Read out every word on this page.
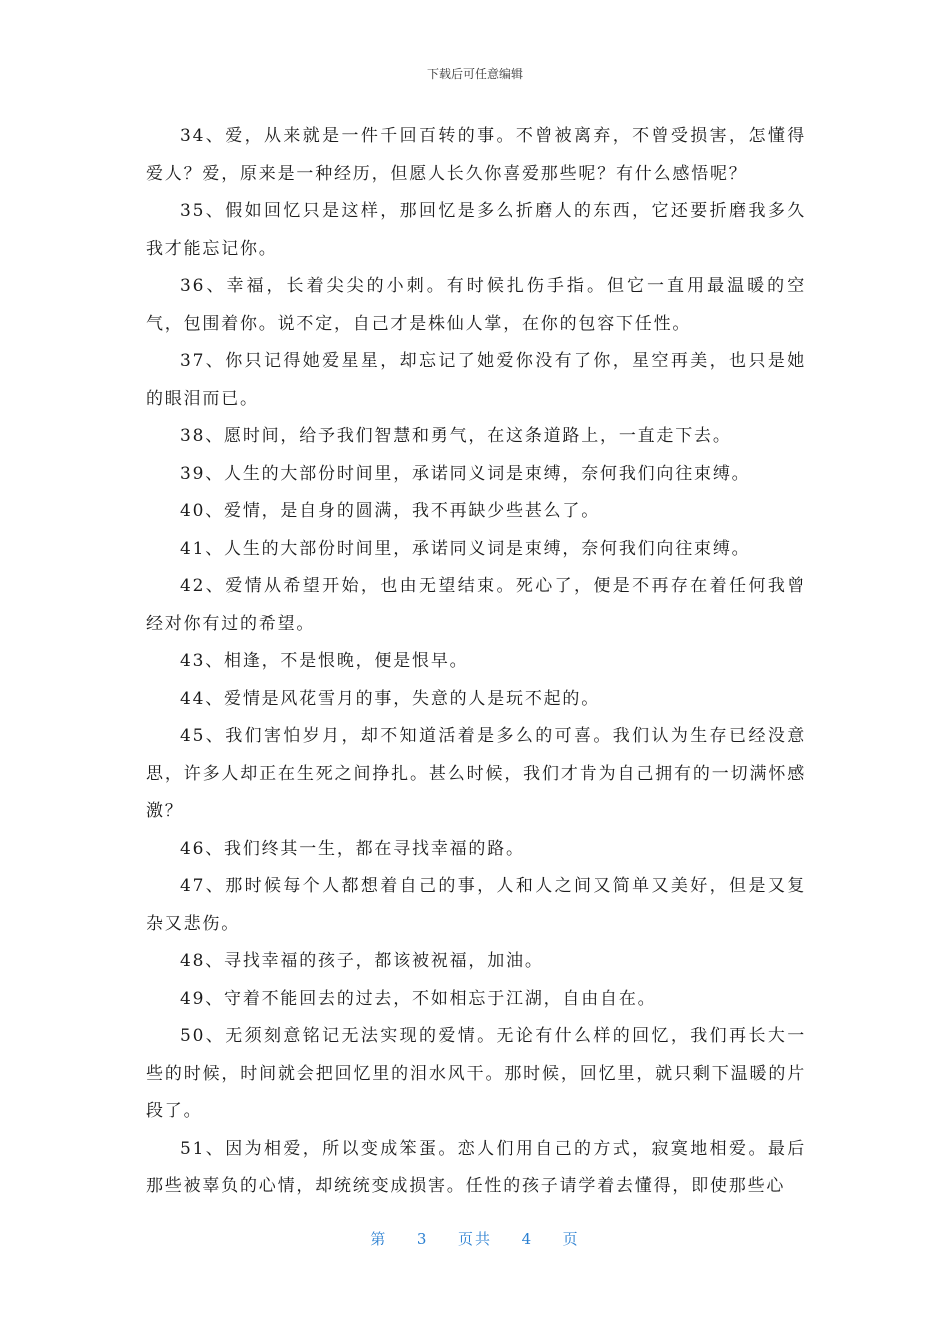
下载后可任意编辑

34、爱，从来就是一件千回百转的事。不曾被离弃，不曾受损害，怎懂得爱人？爱，原来是一种经历，但愿人长久你喜爱那些呢？有什么感悟呢？

35、假如回忆只是这样，那回忆是多么折磨人的东西，它还要折磨我多久我才能忘记你。

36、幸福，长着尖尖的小刺。有时候扎伤手指。但它一直用最温暖的空气，包围着你。说不定，自己才是株仙人掌，在你的包容下任性。

37、你只记得她爱星星，却忘记了她爱你没有了你，星空再美，也只是她的眼泪而已。

38、愿时间，给予我们智慧和勇气，在这条道路上，一直走下去。

39、人生的大部份时间里，承诺同义词是束缚，奈何我们向往束缚。

40、爱情，是自身的圆满，我不再缺少些甚么了。

41、人生的大部份时间里，承诺同义词是束缚，奈何我们向往束缚。

42、爱情从希望开始，也由无望结束。死心了，便是不再存在着任何我曾经对你有过的希望。

43、相逢，不是恨晚，便是恨早。

44、爱情是风花雪月的事，失意的人是玩不起的。

45、我们害怕岁月，却不知道活着是多么的可喜。我们认为生存已经没意思，许多人却正在生死之间挣扎。甚么时候，我们才肯为自己拥有的一切满怀感激？

46、我们终其一生，都在寻找幸福的路。

47、那时候每个人都想着自己的事，人和人之间又简单又美好，但是又复杂又悲伤。

48、寻找幸福的孩子，都该被祝福，加油。

49、守着不能回去的过去，不如相忘于江湖，自由自在。

50、无须刻意铭记无法实现的爱情。无论有什么样的回忆，我们再长大一些的时候，时间就会把回忆里的泪水风干。那时候，回忆里，就只剩下温暖的片段了。

51、因为相爱，所以变成笨蛋。恋人们用自己的方式，寂寞地相爱。最后那些被辜负的心情，却统统变成损害。任性的孩子请学着去懂得，即使那些心

第 3 页共 4 页
